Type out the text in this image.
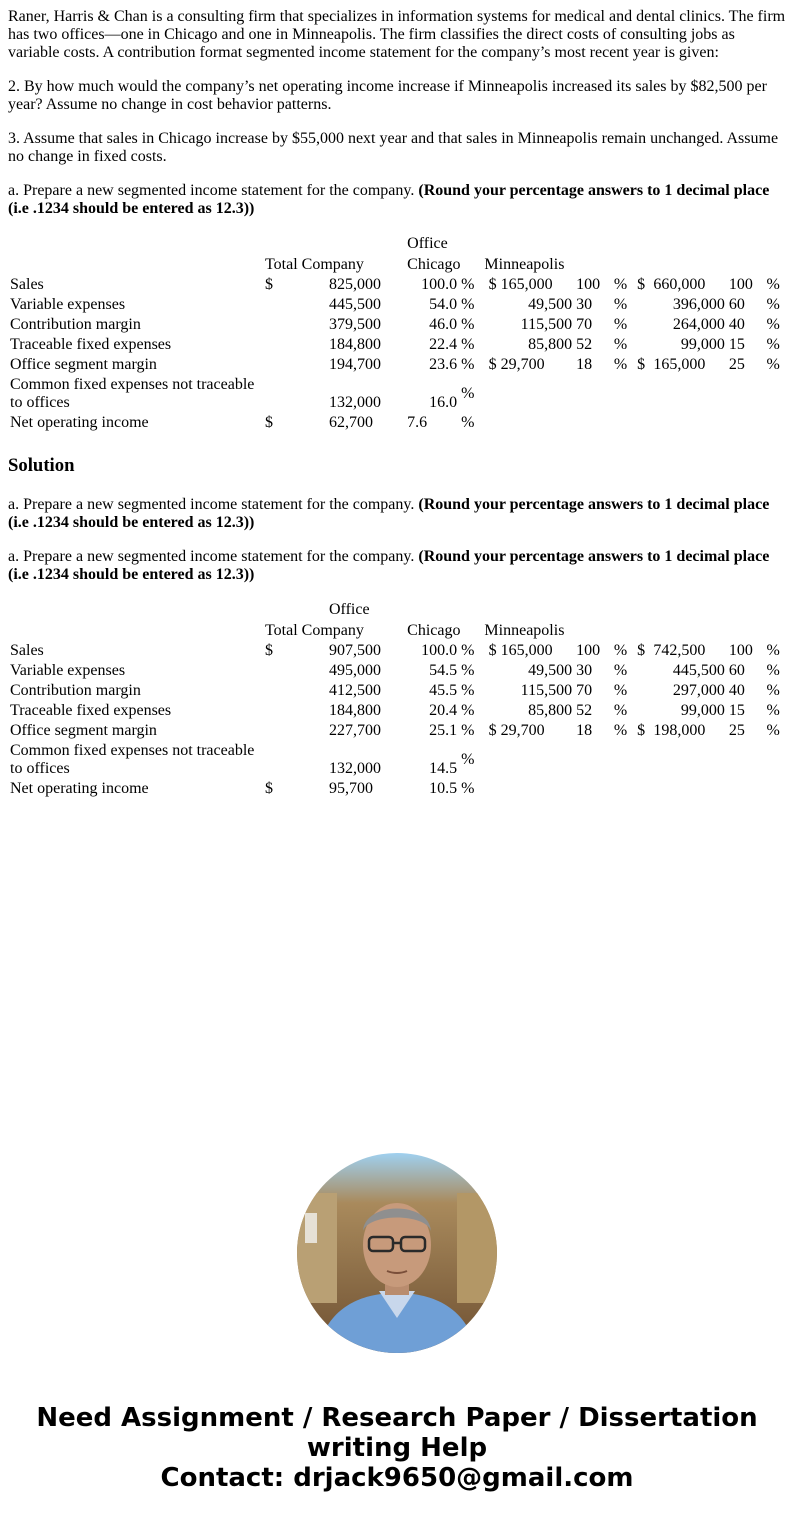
Raner, Harris & Chan is a consulting firm that specializes in information systems for medical and dental clinics. The firm has two offices—one in Chicago and one in Minneapolis. The firm classifies the direct costs of consulting jobs as variable costs. A contribution format segmented income statement for the company’s most recent year is given:

2. By how much would the company’s net operating income increase if Minneapolis increased its sales by $82,500 per year? Assume no change in cost behavior patterns.

3. Assume that sales in Chicago increase by $55,000 next year and that sales in Minneapolis remain unchanged. Assume no change in fixed costs.

a. Prepare a new segmented income statement for the company. (Round your percentage answers to 1 decimal place (i.e .1234 should be entered as 12.3))

			Office									
	Total Company		Chicago		Minneapolis							
Sales	$	825,000	100.0	%	$	165,000	100	%	$	660,000	100	%
Variable expenses		445,500	54.0	%		49,500	30	%		396,000	60	%
Contribution margin		379,500	46.0	%		115,500	70	%		264,000	40	%
Traceable fixed expenses		184,800	22.4	%		85,800	52	%		99,000	15	%
Office segment margin		194,700	23.6	%	$	29,700	18	%	$	165,000	25	%
Common fixed expenses not traceable to offices		132,000	16.0	%								
Net operating income	$	62,700	7.6	%								
Solution

a. Prepare a new segmented income statement for the company. (Round your percentage answers to 1 decimal place (i.e .1234 should be entered as 12.3))

a. Prepare a new segmented income statement for the company. (Round your percentage answers to 1 decimal place (i.e .1234 should be entered as 12.3))

		Office										
	Total Company		Chicago		Minneapolis							
Sales	$	907,500	100.0	%	$	165,000	100	%	$	742,500	100	%
Variable expenses		495,000	54.5	%		49,500	30	%		445,500	60	%
Contribution margin		412,500	45.5	%		115,500	70	%		297,000	40	%
Traceable fixed expenses		184,800	20.4	%		85,800	52	%		99,000	15	%
Office segment margin		227,700	25.1	%	$	29,700	18	%	$	198,000	25	%
Common fixed expenses not traceable to offices		132,000	14.5	%								
Net operating income	$	95,700	10.5	%								
Need Assignment / Research Paper / Dissertation writing Help
Contact: drjack9650@gmail.com
